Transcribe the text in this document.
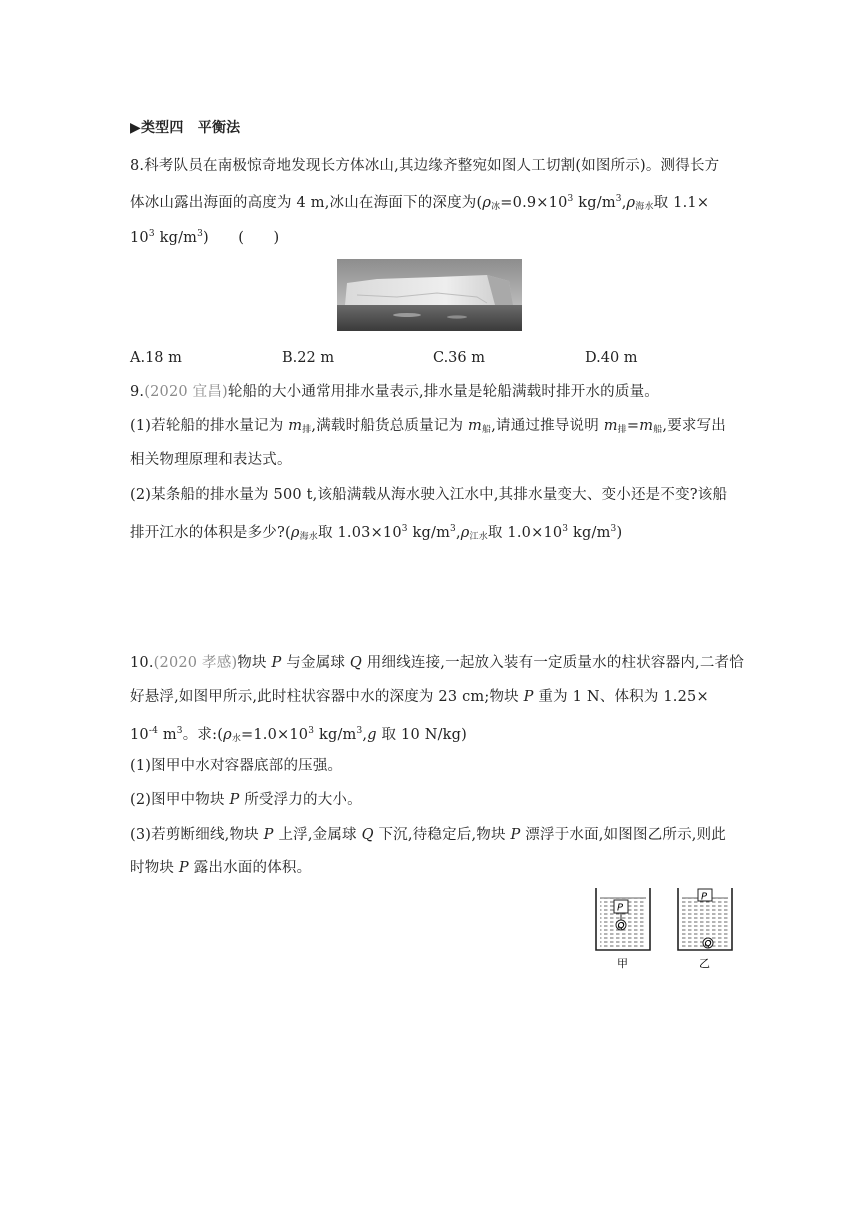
▶类型四　平衡法
8.科考队员在南极惊奇地发现长方体冰山,其边缘齐整宛如图人工切割(如图所示)。测得长方
体冰山露出海面的高度为 4 m,冰山在海面下的深度为($\rho_冰=0.9\times 10^3$ $kg/m^3,\rho_{海水}$取 1.1×
$10^3$ $kg/m^3$)　　(　　)
A.18 m	B.22 m	C.36 m	D.40 m
9.(2020 宜昌)轮船的大小通常用排水量表示,排水量是轮船满载时排开水的质量。
(1)若轮船的排水量记为 $m_排$,满载时船货总质量记为 $m_船$,请通过推导说明 $m_排=m_船$,要求写出
相关物理原理和表达式。
(2)某条船的排水量为 500 t,该船满载从海水驶入江水中,其排水量变大、变小还是不变?该船
排开江水的体积是多少$?(\rho_{海水}$取 $1.03\times 10^3$ $kg/m^3,\rho_{江水}$取 $1.0\times 10^3$ $kg/m^3$)
10.(2020 孝感)物块 P 与金属球 Q 用细线连接,一起放入装有一定质量水的柱状容器内,二者恰
好悬浮,如图甲所示,此时柱状容器中水的深度为 23 cm;物块 P 重为 1 N、体积为 1.25×
$10^{-4}$ $m^3$。求$:(\rho_水=1.0\times 10^3$ $kg/m^3,g$ 取 10 N/kg)
(1)图甲中水对容器底部的压强。
(2)图甲中物块 P 所受浮力的大小。
(3)若剪断细线,物块 P 上浮,金属球 Q 下沉,待稳定后,物块 P 漂浮于水面,如图图乙所示,则此
时物块 P 露出水面的体积。
P
Q
P
Q
甲	乙
